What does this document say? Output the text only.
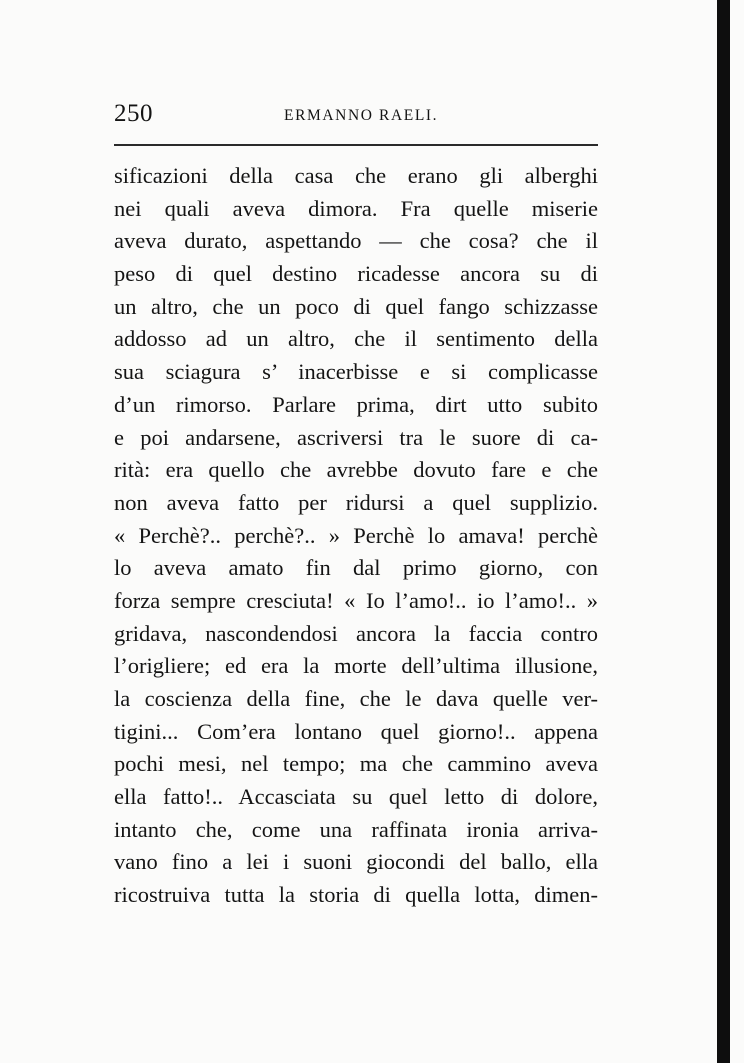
250	ERMANNO RAELI.
sificazioni della casa che erano gli alberghi
nei quali aveva dimora. Fra quelle miserie
aveva durato, aspettando — che cosa? che il
peso di quel destino ricadesse ancora su di
un altro, che un poco di quel fango schizzasse
addosso ad un altro, che il sentimento della
sua sciagura s’ inacerbisse e si complicasse
d’un rimorso. Parlare prima, dirt utto subito
e poi andarsene, ascriversi tra le suore di ca-
rità: era quello che avrebbe dovuto fare e che
non aveva fatto per ridursi a quel supplizio.
« Perchè?.. perchè?.. » Perchè lo amava! perchè
lo aveva amato fin dal primo giorno, con
forza sempre cresciuta! « Io l’amo!.. io l’amo!.. »
gridava, nascondendosi ancora la faccia contro
l’origliere; ed era la morte dell’ultima illusione,
la coscienza della fine, che le dava quelle ver-
tigini... Com’era lontano quel giorno!.. appena
pochi mesi, nel tempo; ma che cammino aveva
ella fatto!.. Accasciata su quel letto di dolore,
intanto che, come una raffinata ironia arriva-
vano fino a lei i suoni giocondi del ballo, ella
ricostruiva tutta la storia di quella lotta, dimen-
